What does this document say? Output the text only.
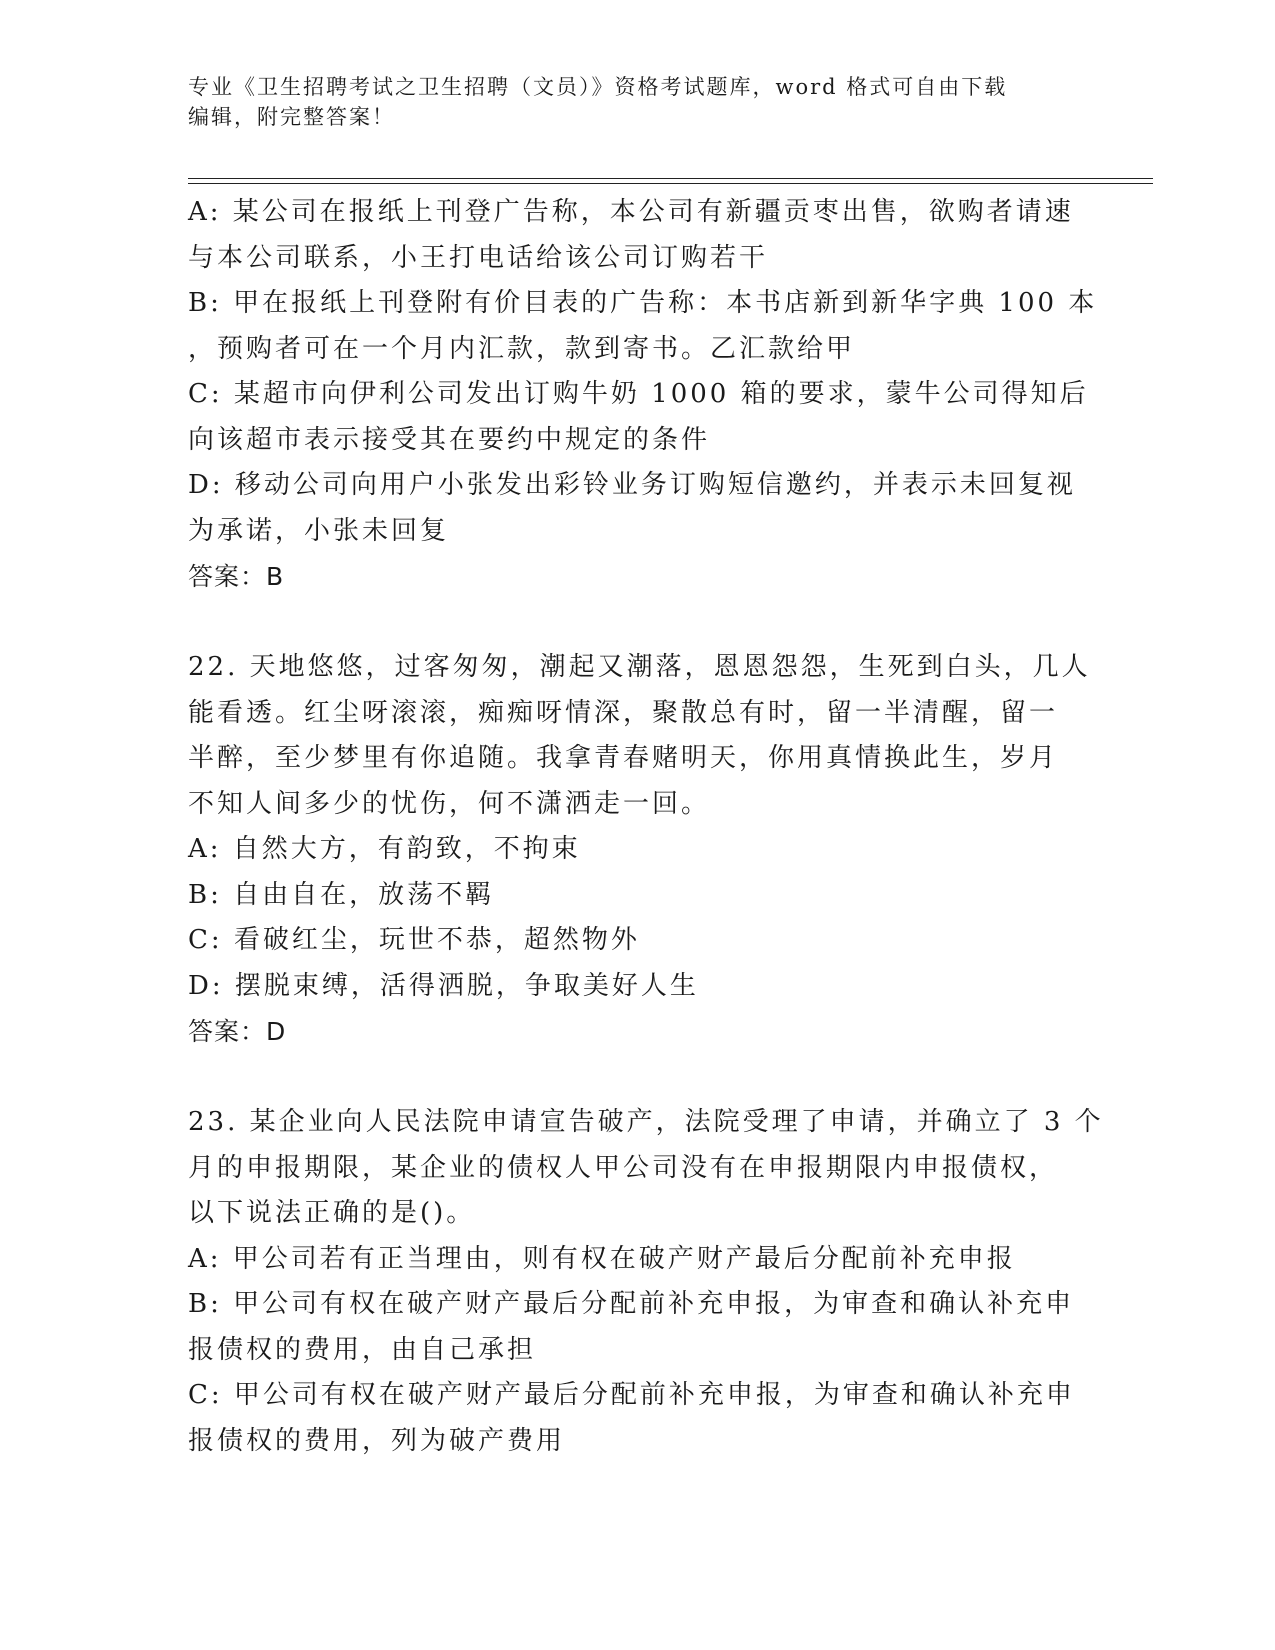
专业《卫生招聘考试之卫生招聘（文员）》资格考试题库，word 格式可自由下载
编辑，附完整答案！
A: 某公司在报纸上刊登广告称，本公司有新疆贡枣出售，欲购者请速
与本公司联系，小王打电话给该公司订购若干
B: 甲在报纸上刊登附有价目表的广告称：本书店新到新华字典 100 本
，预购者可在一个月内汇款，款到寄书。乙汇款给甲
C: 某超市向伊利公司发出订购牛奶 1000 箱的要求，蒙牛公司得知后
向该超市表示接受其在要约中规定的条件
D: 移动公司向用户小张发出彩铃业务订购短信邀约，并表示未回复视
为承诺，小张未回复
答案：B
22. 天地悠悠，过客匆匆，潮起又潮落，恩恩怨怨，生死到白头，几人
能看透。红尘呀滚滚，痴痴呀情深，聚散总有时，留一半清醒，留一
半醉，至少梦里有你追随。我拿青春赌明天，你用真情换此生，岁月
不知人间多少的忧伤，何不潇洒走一回。
A: 自然大方，有韵致，不拘束
B: 自由自在，放荡不羁
C: 看破红尘，玩世不恭，超然物外
D: 摆脱束缚，活得洒脱，争取美好人生
答案：D
23. 某企业向人民法院申请宣告破产，法院受理了申请，并确立了 3 个
月的申报期限，某企业的债权人甲公司没有在申报期限内申报债权，
以下说法正确的是()。
A: 甲公司若有正当理由，则有权在破产财产最后分配前补充申报
B: 甲公司有权在破产财产最后分配前补充申报，为审查和确认补充申
报债权的费用，由自己承担
C: 甲公司有权在破产财产最后分配前补充申报，为审查和确认补充申
报债权的费用，列为破产费用
